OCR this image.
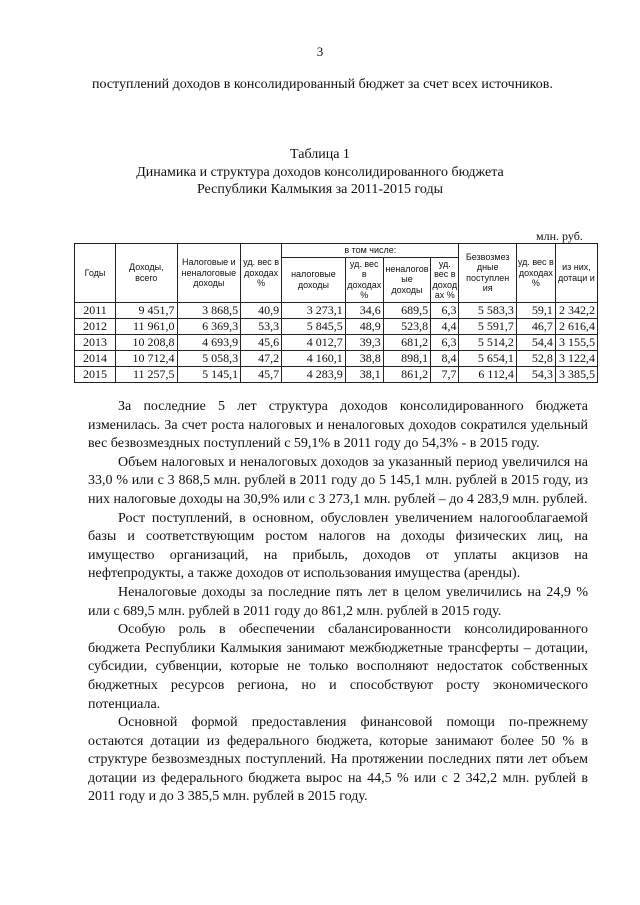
3
поступлений доходов в консолидированный бюджет за счет всех источников.
Таблица 1
Динамика и структура доходов консолидированного бюджета
Республики Калмыкия за 2011-2015 годы
млн. руб.
Годы	Доходы, всего	Налоговые и неналоговые доходы	уд. вес в доходах %	в том числе:				Безвозмез дные поступлен ия	уд. вес в доходах %	из них, дотаци и
				налоговые доходы	уд. вес в доходах %	неналогов ые доходы	уд. вес в доход ах %			
2011	9 451,7	3 868,5	40,9	3 273,1	34,6	689,5	6,3	5 583,3	59,1	2 342,2
2012	11 961,0	6 369,3	53,3	5 845,5	48,9	523,8	4,4	5 591,7	46,7	2 616,4
2013	10 208,8	4 693,9	45,6	4 012,7	39,3	681,2	6,3	5 514,2	54,4	3 155,5
2014	10 712,4	5 058,3	47,2	4 160,1	38,8	898,1	8,4	5 654,1	52,8	3 122,4
2015	11 257,5	5 145,1	45,7	4 283,9	38,1	861,2	7,7	6 112,4	54,3	3 385,5

За последние 5 лет структура доходов консолидированного бюджета изменилась. За счет роста налоговых и неналоговых доходов сократился удельный вес безвозмездных поступлений с 59,1% в 2011 году до 54,3% - в 2015 году.

Объем налоговых и неналоговых доходов за указанный период увеличился на 33,0 % или с 3 868,5 млн. рублей в 2011 году до 5 145,1 млн. рублей в 2015 году, из них налоговые доходы на 30,9% или с 3 273,1 млн. рублей – до 4 283,9 млн. рублей.

Рост поступлений, в основном, обусловлен увеличением налогооблагаемой базы и соответствующим ростом налогов на доходы физических лиц, на имущество организаций, на прибыль, доходов от уплаты акцизов на нефтепродукты, а также доходов от использования имущества (аренды).

Неналоговые доходы за последние пять лет в целом увеличились на 24,9 % или с 689,5 млн. рублей в 2011 году до 861,2 млн. рублей в 2015 году.

Особую роль в обеспечении сбалансированности консолидированного бюджета Республики Калмыкия занимают межбюджетные трансферты – дотации, субсидии, субвенции, которые не только восполняют недостаток собственных бюджетных ресурсов региона, но и способствуют росту экономического потенциала.

Основной формой предоставления финансовой помощи по-прежнему остаются дотации из федерального бюджета, которые занимают более 50 % в структуре безвозмездных поступлений. На протяжении последних пяти лет объем дотации из федерального бюджета вырос на 44,5 % или с 2 342,2 млн. рублей в 2011 году и до 3 385,5 млн. рублей в 2015 году.
